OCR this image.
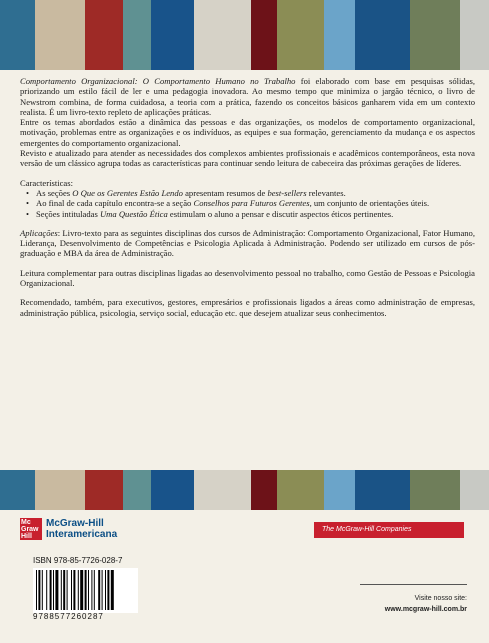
Comportamento Organizacional: O Comportamento Humano no Trabalho foi elaborado com base em pesquisas sólidas, priorizando um estilo fácil de ler e uma pedagogia inovadora. Ao mesmo tempo que minimiza o jargão técnico, o livro de Newstrom combina, de forma cuidadosa, a teoria com a prática, fazendo os conceitos básicos ganharem vida em um contexto realista. É um livro-texto repleto de aplicações práticas.

Entre os temas abordados estão a dinâmica das pessoas e das organizações, os modelos de comportamento organizacional, motivação, problemas entre as organizações e os indivíduos, as equipes e sua formação, gerenciamento da mudança e os aspectos emergentes do comportamento organizacional.

Revisto e atualizado para atender as necessidades dos complexos ambientes profissionais e acadêmicos contemporâneos, esta nova versão de um clássico agrupa todas as características para continuar sendo leitura de cabeceira das próximas gerações de líderes.

Características:

• As seções O Que os Gerentes Estão Lendo apresentam resumos de best-sellers relevantes.
• Ao final de cada capítulo encontra-se a seção Conselhos para Futuros Gerentes, um conjunto de orientações úteis.
• Seções intituladas Uma Questão Ética estimulam o aluno a pensar e discutir aspectos éticos pertinentes.

Aplicações: Livro-texto para as seguintes disciplinas dos cursos de Administração: Comportamento Organizacional, Fator Humano, Liderança, Desenvolvimento de Competências e Psicologia Aplicada à Administração. Podendo ser utilizado em cursos de pós-graduação e MBA da área de Administração.

Leitura complementar para outras disciplinas ligadas ao desenvolvimento pessoal no trabalho, como Gestão de Pessoas e Psicologia Organizacional.

Recomendado, também, para executivos, gestores, empresários e profissionais ligados a áreas como administração de empresas, administração pública, psicologia, serviço social, educação etc. que desejem atualizar seus conhecimentos.

Mc Graw Hill
McGraw-Hill
Interamericana	The McGraw-Hill Companies
ISBN 978-85-7726-028-7
9788577260287
Visite nosso site:
www.mcgraw-hill.com.br
